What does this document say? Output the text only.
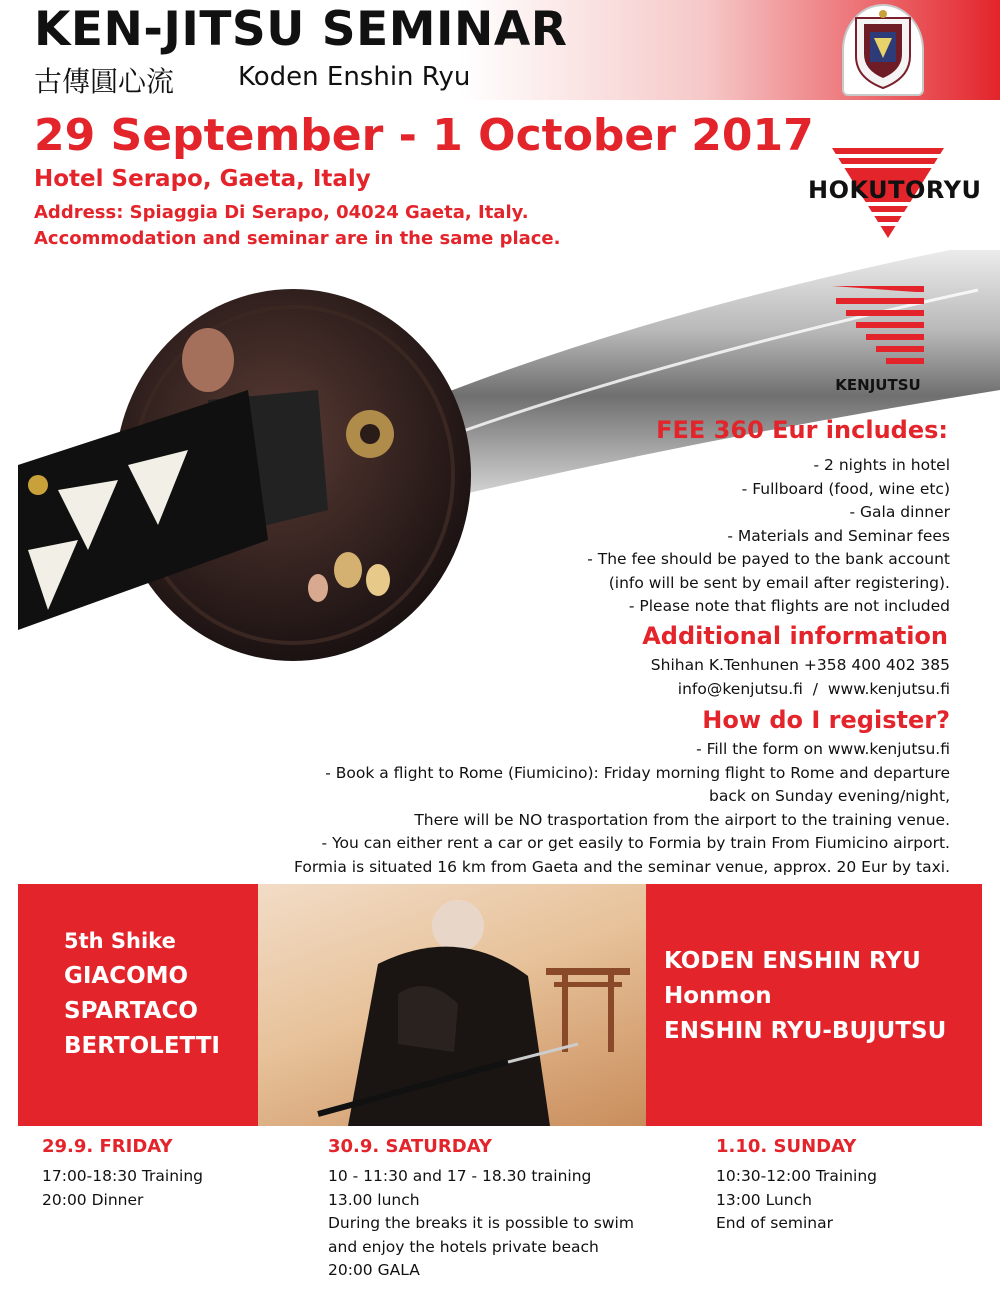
KEN-JITSU SEMINAR
古傳圓心流 Koden Enshin Ryu
29 September - 1 October 2017
Hotel Serapo, Gaeta, Italy
Address: Spiaggia Di Serapo, 04024 Gaeta, Italy.
Accommodation and seminar are in the same place.
HOKUTORYU
KENJUTSU
FEE 360 Eur includes:
- 2 nights in hotel
- Fullboard (food, wine etc)
- Gala dinner
- Materials and Seminar fees
- The fee should be payed to the bank account
(info will be sent by email after registering).
- Please note that flights are not included
Additional information
Shihan K.Tenhunen +358 400 402 385
info@kenjutsu.fi  /  www.kenjutsu.fi
How do I register?
- Fill the form on www.kenjutsu.fi
- Book a flight to Rome (Fiumicino): Friday morning flight to Rome and departure
back on Sunday evening/night,
There will be NO trasportation from the airport to the training venue.
- You can either rent a car or get easily to Formia by train From Fiumicino airport.
Formia is situated 16 km from Gaeta and the seminar venue, approx. 20 Eur by taxi.
5th Shike
GIACOMO
SPARTACO
BERTOLETTI
KODEN ENSHIN RYU
Honmon
ENSHIN RYU-BUJUTSU
29.9. FRIDAY
17:00-18:30 Training
20:00 Dinner
30.9. SATURDAY
10 - 11:30 and 17 - 18.30 training
13.00 lunch
During the breaks it is possible to swim
and enjoy the hotels private beach
20:00 GALA
1.10. SUNDAY
10:30-12:00 Training
13:00 Lunch
End of seminar
